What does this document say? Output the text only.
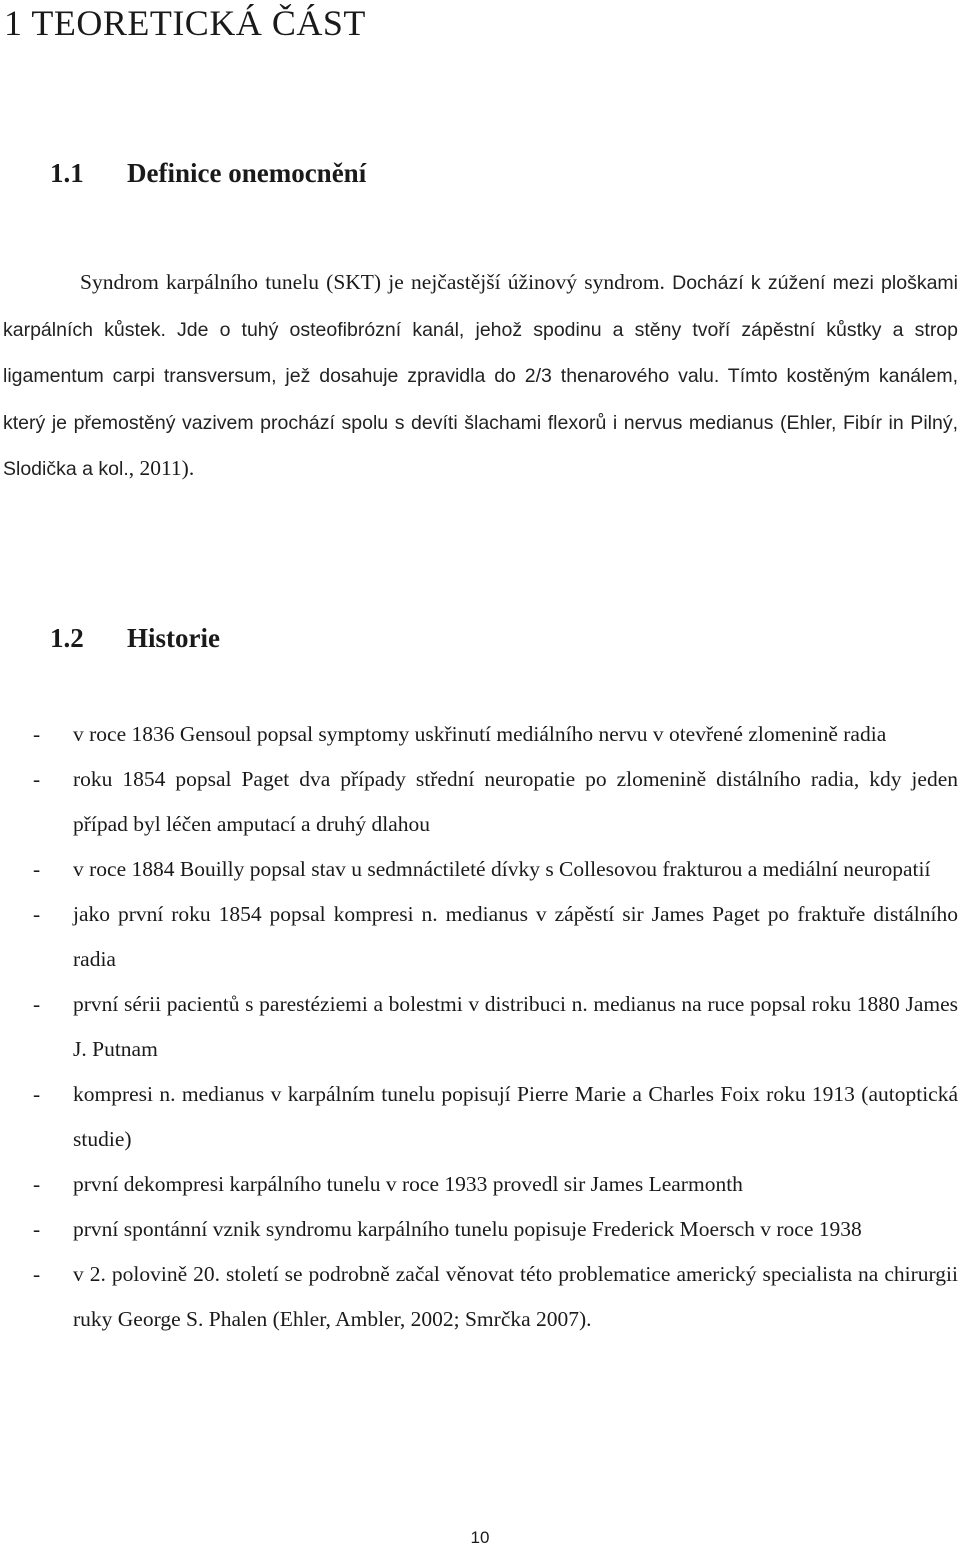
1 TEORETICKÁ ČÁST
1.1 Definice onemocnění

Syndrom karpálního tunelu (SKT) je nejčastější úžinový syndrom. Dochází k zúžení mezi ploškami karpálních kůstek. Jde o tuhý osteofibrózní kanál, jehož spodinu a stěny tvoří zápěstní kůstky a strop ligamentum carpi transversum, jež dosahuje zpravidla do 2/3 thenarového valu. Tímto kostěným kanálem, který je přemostěný vazivem prochází spolu s devíti šlachami flexorů i nervus medianus (Ehler, Fibír in Pilný, Slodička a kol., 2011).

1.2 Historie
- v roce 1836 Gensoul popsal symptomy uskřinutí mediálního nervu v otevřené zlomenině radia
- roku 1854 popsal Paget dva případy střední neuropatie po zlomenině distálního radia, kdy jeden případ byl léčen amputací a druhý dlahou
- v roce 1884 Bouilly popsal stav u sedmnáctileté dívky s Collesovou frakturou a mediální neuropatií
- jako první roku 1854 popsal kompresi n. medianus v zápěstí sir James Paget po fraktuře distálního radia
- první sérii pacientů s parestéziemi a bolestmi v distribuci n. medianus na ruce popsal roku 1880 James J. Putnam
- kompresi n. medianus v karpálním tunelu popisují Pierre Marie a Charles Foix roku 1913 (autoptická studie)
- první dekompresi karpálního tunelu v roce 1933 provedl sir James Learmonth
- první spontánní vznik syndromu karpálního tunelu popisuje Frederick Moersch v roce 1938
- v 2. polovině 20. století se podrobně začal věnovat této problematice americký specialista na chirurgii ruky George S. Phalen (Ehler, Ambler, 2002; Smrčka 2007).
10
